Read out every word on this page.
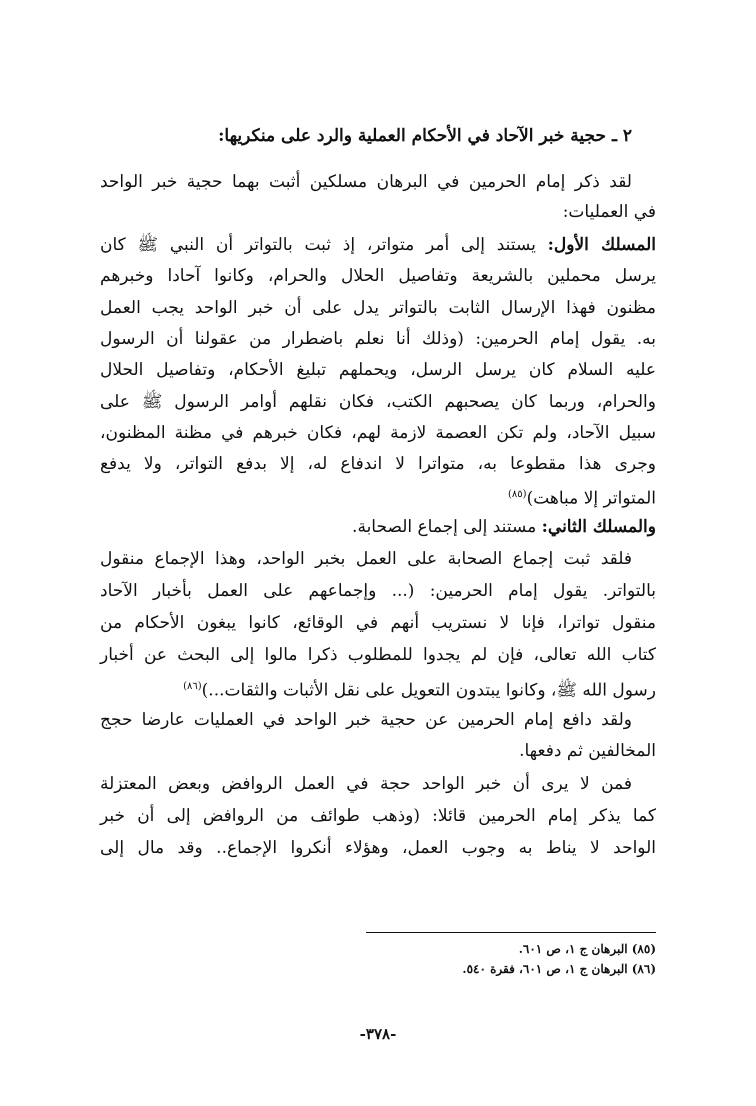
٢ ـ حجية خبر الآحاد في الأحكام العملية والرد على منكريها:
لقد ذكر إمام الحرمين في البرهان مسلكين أثبت بهما حجية خبر الواحد
في العمليات:
المسلك الأول: يستند إلى أمر متواتر، إذ ثبت بالتواتر أن النبي ﷺ كان
يرسل محملين بالشريعة وتفاصيل الحلال والحرام، وكانوا آحادا وخبرهم
مظنون فهذا الإرسال الثابت بالتواتر يدل على أن خبر الواحد يجب العمل
به. يقول إمام الحرمين: (وذلك أنا نعلم باضطرار من عقولنا أن الرسول
عليه السلام كان يرسل الرسل، ويحملهم تبليغ الأحكام، وتفاصيل الحلال
والحرام، وربما كان يصحبهم الكتب، فكان نقلهم أوامر الرسول ﷺ على
سبيل الآحاد، ولم تكن العصمة لازمة لهم، فكان خبرهم في مظنة المظنون،
وجرى هذا مقطوعا به، متواترا لا اندفاع له، إلا بدفع التواتر، ولا يدفع
المتواتر إلا مباهت)$^{(٨٥)}$
والمسلك الثاني: مستند إلى إجماع الصحابة.
فلقد ثبت إجماع الصحابة على العمل بخبر الواحد، وهذا الإجماع منقول
بالتواتر. يقول إمام الحرمين: (... وإجماعهم على العمل بأخبار الآحاد
منقول تواترا، فإنا لا نستريب أنهم في الوقائع، كانوا يبغون الأحكام من
كتاب الله تعالى، فإن لم يجدوا للمطلوب ذكرا مالوا إلى البحث عن أخبار
رسول الله ﷺ، وكانوا يبتدون التعويل على نقل الأثبات والثقات...)$^{(٨٦)}$
ولقد دافع إمام الحرمين عن حجية خبر الواحد في العمليات عارضا حجج
المخالفين ثم دفعها.
فمن لا يرى أن خبر الواحد حجة في العمل الروافض وبعض المعتزلة
كما يذكر إمام الحرمين قائلا: (وذهب طوائف من الروافض إلى أن خبر
الواحد لا يناط به وجوب العمل، وهؤلاء أنكروا الإجماع.. وقد مال إلى
(٨٥) البرهان ج ١، ص ٦٠١.
(٨٦) البرهان ج ١، ص ٦٠١، فقرة ٥٤٠.
-٣٧٨-
